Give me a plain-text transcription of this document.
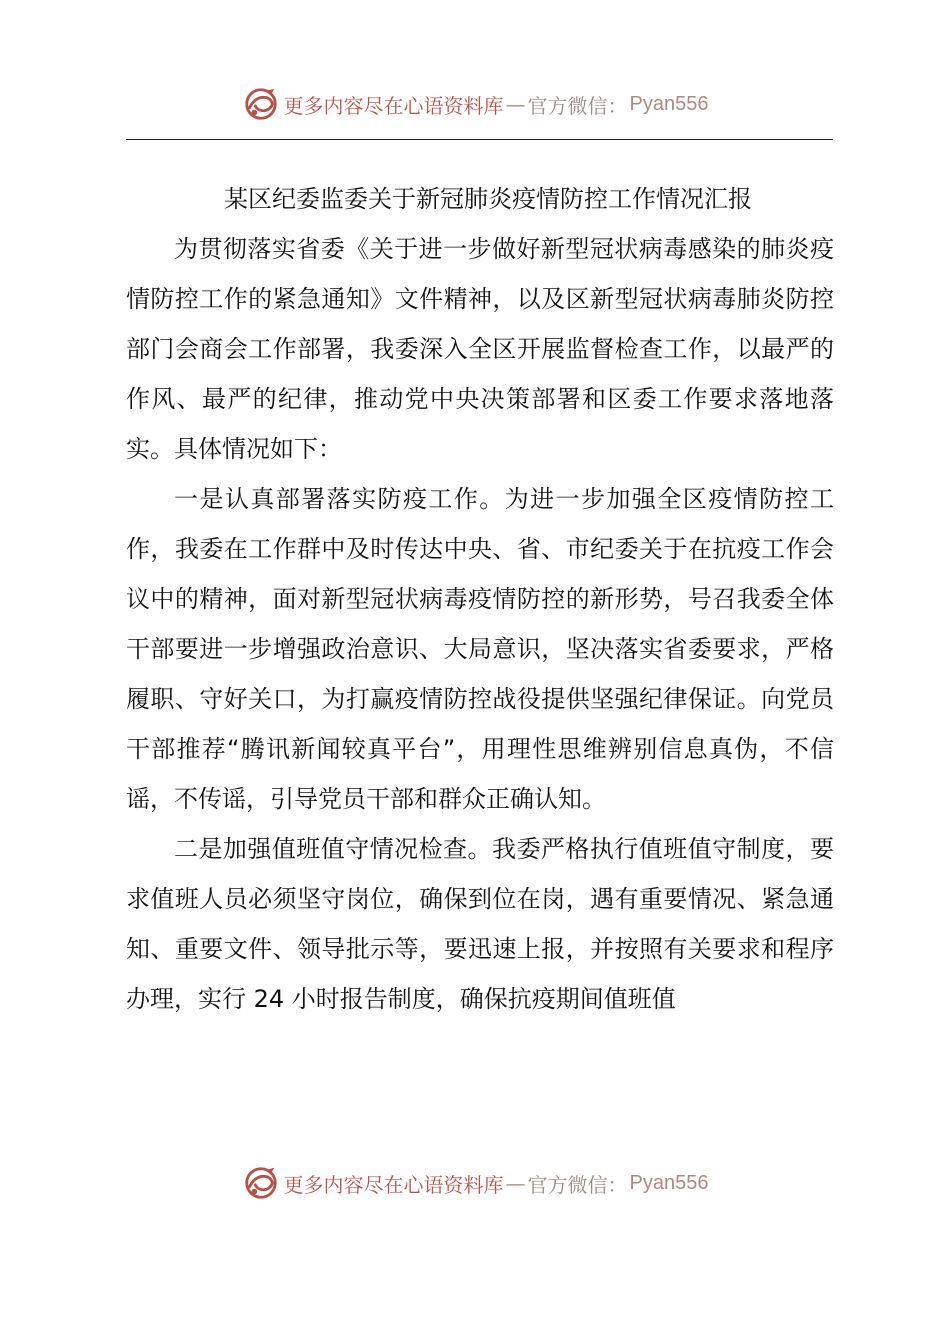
更多内容尽在心语资料库 — 官方微信： Pyan556
某区纪委监委关于新冠肺炎疫情防控工作情况汇报

为贯彻落实省委《关于进一步做好新型冠状病毒感染的肺炎疫情防控工作的紧急通知》文件精神，以及区新型冠状病毒肺炎防控部门会商会工作部署，我委深入全区开展监督检查工作，以最严的作风、最严的纪律，推动党中央决策部署和区委工作要求落地落实。具体情况如下：

一是认真部署落实防疫工作。为进一步加强全区疫情防控工作，我委在工作群中及时传达中央、省、市纪委关于在抗疫工作会议中的精神，面对新型冠状病毒疫情防控的新形势，号召我委全体干部要进一步增强政治意识、大局意识，坚决落实省委要求，严格履职、守好关口，为打赢疫情防控战役提供坚强纪律保证。向党员干部推荐“腾讯新闻较真平台”，用理性思维辨别信息真伪，不信谣，不传谣，引导党员干部和群众正确认知。

二是加强值班值守情况检查。我委严格执行值班值守制度，要求值班人员必须坚守岗位，确保到位在岗，遇有重要情况、紧急通知、重要文件、领导批示等，要迅速上报，并按照有关要求和程序办理，实行 24 小时报告制度，确保抗疫期间值班值

更多内容尽在心语资料库 — 官方微信： Pyan556
